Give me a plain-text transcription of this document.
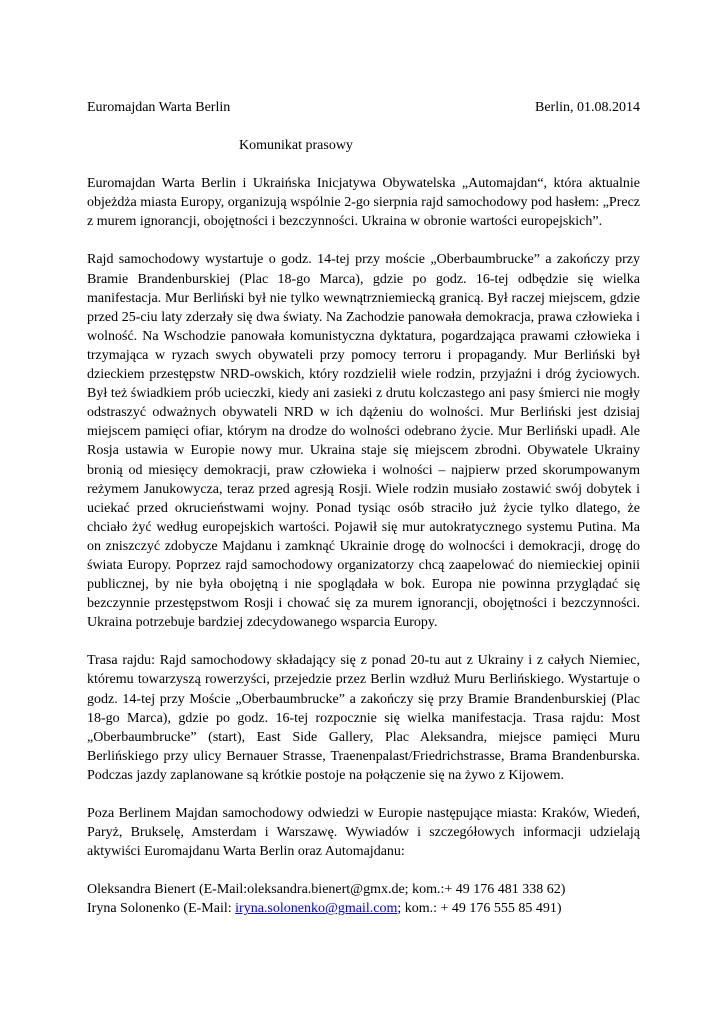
Euromajdan Warta Berlin	Berlin, 01.08.2014
Komunikat prasowy

Euromajdan Warta Berlin i Ukraińska Inicjatywa Obywatelska „Automajdan“, która aktualnie objeżdża miasta Europy, organizują wspólnie 2-go sierpnia rajd samochodowy pod hasłem: „Precz z murem ignorancji, obojętności i bezczynności. Ukraina w obronie wartości europejskich”.

Rajd samochodowy wystartuje o godz. 14-tej przy moście „Oberbaumbrucke” a zakończy przy Bramie Brandenburskiej (Plac 18-go Marca), gdzie po godz. 16-tej odbędzie się wielka manifestacja. Mur Berliński był nie tylko wewnątrzniemiecką granicą. Był raczej miejscem, gdzie przed 25-ciu laty zderzały się dwa światy. Na Zachodzie panowała demokracja, prawa człowieka i wolność. Na Wschodzie panowała komunistyczna dyktatura, pogardzająca prawami człowieka i trzymająca w ryzach swych obywateli przy pomocy terroru i propagandy. Mur Berliński był dzieckiem przestępstw NRD-owskich, który rozdzielił wiele rodzin, przyjaźni i dróg życiowych. Był też świadkiem prób ucieczki, kiedy ani zasieki z drutu kolczastego ani pasy śmierci nie mogły odstraszyć odważnych obywateli NRD w ich dążeniu do wolności. Mur Berliński jest dzisiaj miejscem pamięci ofiar, którym na drodze do wolności odebrano życie. Mur Berliński upadł. Ale Rosja ustawia w Europie nowy mur. Ukraina staje się miejscem zbrodni. Obywatele Ukrainy bronią od miesięcy demokracji, praw człowieka i wolności – najpierw przed skorumpowanym reżymem Janukowycza, teraz przed agresją Rosji. Wiele rodzin musiało zostawić swój dobytek i uciekać przed okrucieństwami wojny. Ponad tysiąc osób straciło już życie tylko dlatego, że chciało żyć według europejskich wartości. Pojawił się mur autokratycznego systemu Putina. Ma on zniszczyć zdobycze Majdanu i zamknąć Ukrainie drogę do wolnocści i demokracji, drogę do świata Europy. Poprzez rajd samochodowy organizatorzy chcą zaapelować do niemieckiej opinii publicznej, by nie była obojętną i nie spoglądała w bok. Europa nie powinna przyglądać się bezczynnie przestępstwom Rosji i chować się za murem ignorancji, obojętności i bezczynności. Ukraina potrzebuje bardziej zdecydowanego wsparcia Europy.

Trasa rajdu: Rajd samochodowy składający się z ponad 20-tu aut z Ukrainy i z całych Niemiec, któremu towarzyszą rowerzyści, przejedzie przez Berlin wzdłuż Muru Berlińskiego. Wystartuje o godz. 14-tej przy Moście „Oberbaumbrucke” a zakończy się przy Bramie Brandenburskiej (Plac 18-go Marca), gdzie po godz. 16-tej rozpocznie się wielka manifestacja. Trasa rajdu: Most „Oberbaumbrucke” (start), East Side Gallery, Plac Aleksandra, miejsce pamięci Muru Berlińskiego przy ulicy Bernauer Strasse, Traenenpalast/Friedrichstrasse, Brama Brandenburska. Podczas jazdy zaplanowane są krótkie postoje na połączenie się na żywo z Kijowem.

Poza Berlinem Majdan samochodowy odwiedzi w Europie następujące miasta: Kraków, Wiedeń, Paryż, Brukselę, Amsterdam i Warszawę. Wywiadów i szczegółowych informacji udzielają aktywiści Euromajdanu Warta Berlin oraz Automajdanu:

Oleksandra Bienert (E-Mail:oleksandra.bienert@gmx.de; kom.:+ 49 176 481 338 62)
Iryna Solonenko (E-Mail: iryna.solonenko@gmail.com; kom.: + 49 176 555 85 491)
